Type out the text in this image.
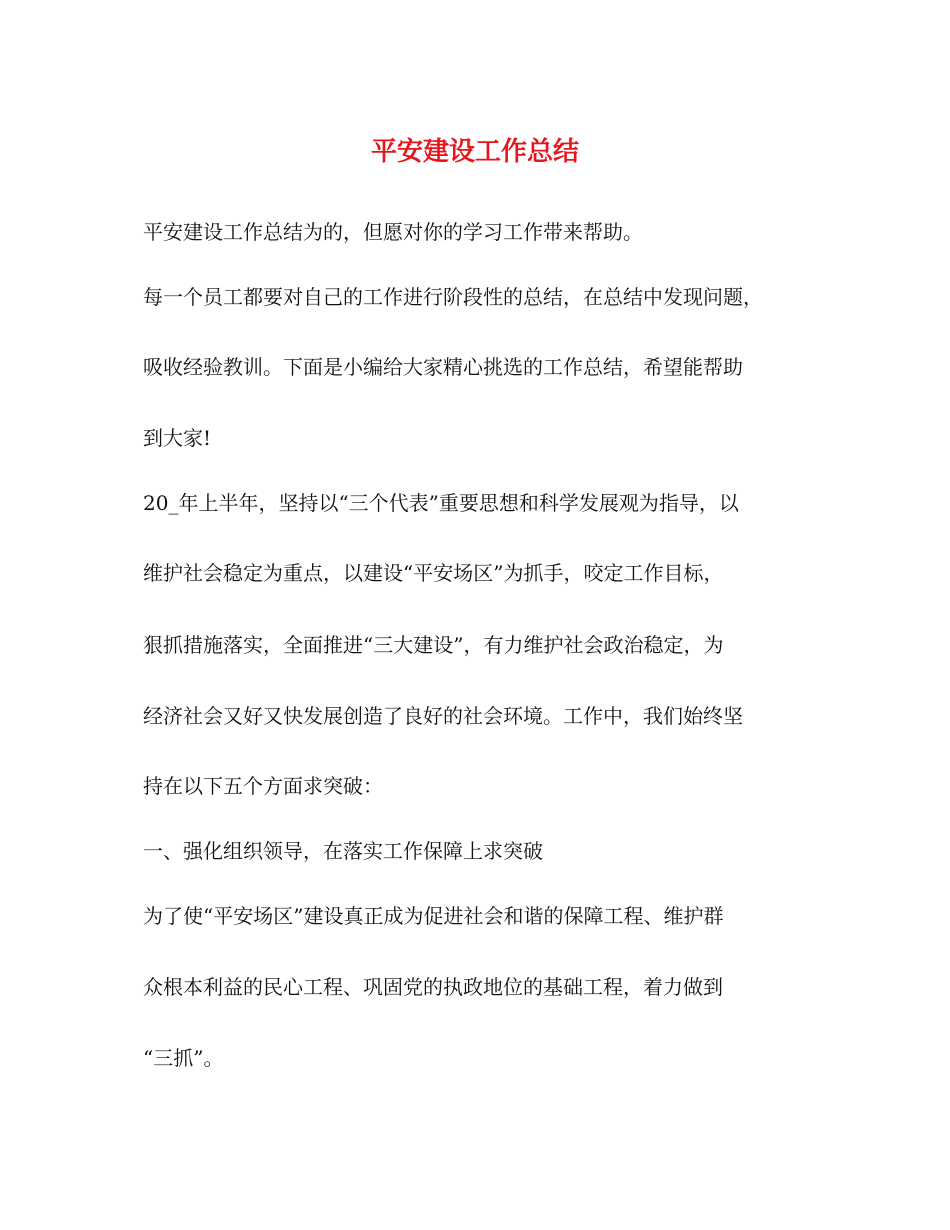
平安建设工作总结

平安建设工作总结为的，但愿对你的学习工作带来帮助。

每一个员工都要对自己的工作进行阶段性的总结，在总结中发现问题，

吸收经验教训。下面是小编给大家精心挑选的工作总结，希望能帮助

到大家!

20_年上半年，坚持以“三个代表”重要思想和科学发展观为指导，以

维护社会稳定为重点，以建设“平安场区”为抓手，咬定工作目标，

狠抓措施落实，全面推进“三大建设”，有力维护社会政治稳定，为

经济社会又好又快发展创造了良好的社会环境。工作中，我们始终坚

持在以下五个方面求突破：

一、强化组织领导，在落实工作保障上求突破

为了使“平安场区”建设真正成为促进社会和谐的保障工程、维护群

众根本利益的民心工程、巩固党的执政地位的基础工程，着力做到

“三抓”。
